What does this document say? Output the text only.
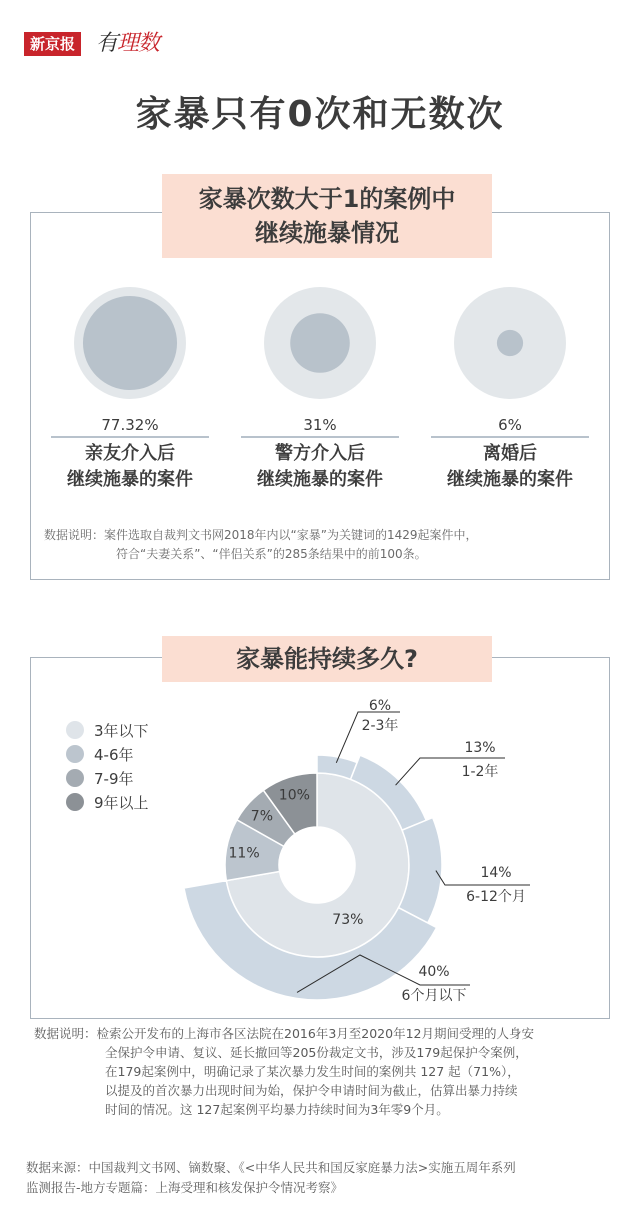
新京报 有理数
家暴只有0次和无数次
家暴次数大于1的案例中
继续施暴情况
77.32%
亲友介入后
继续施暴的案件
31%
警方介入后
继续施暴的案件
6%
离婚后
继续施暴的案件
数据说明：案件选取自裁判文书网2018年内以“家暴”为关键词的1429起案件中，
符合“夫妻关系”、“伴侣关系”的285条结果中的前100条。
家暴能持续多久?
3年以下
4-6年
7-9年
9年以上
73%
11%
7%
10%
6%
2-3年
13%
1-2年
14%
6-12个月
40%
6个月以下
数据说明：检索公开发布的上海市各区法院在2016年3月至2020年12月期间受理的人身安
全保护令申请、复议、延长撤回等205份裁定文书，涉及179起保护令案例，
在179起案例中，明确记录了某次暴力发生时间的案例共 127 起（71%），
以提及的首次暴力出现时间为始，保护令申请时间为截止，估算出暴力持续
时间的情况。这 127起案例平均暴力持续时间为3年零9个月。
数据来源：中国裁判文书网、镝数聚、《<中华人民共和国反家庭暴力法>实施五周年系列
监测报告-地方专题篇：上海受理和核发保护令情况考察》
